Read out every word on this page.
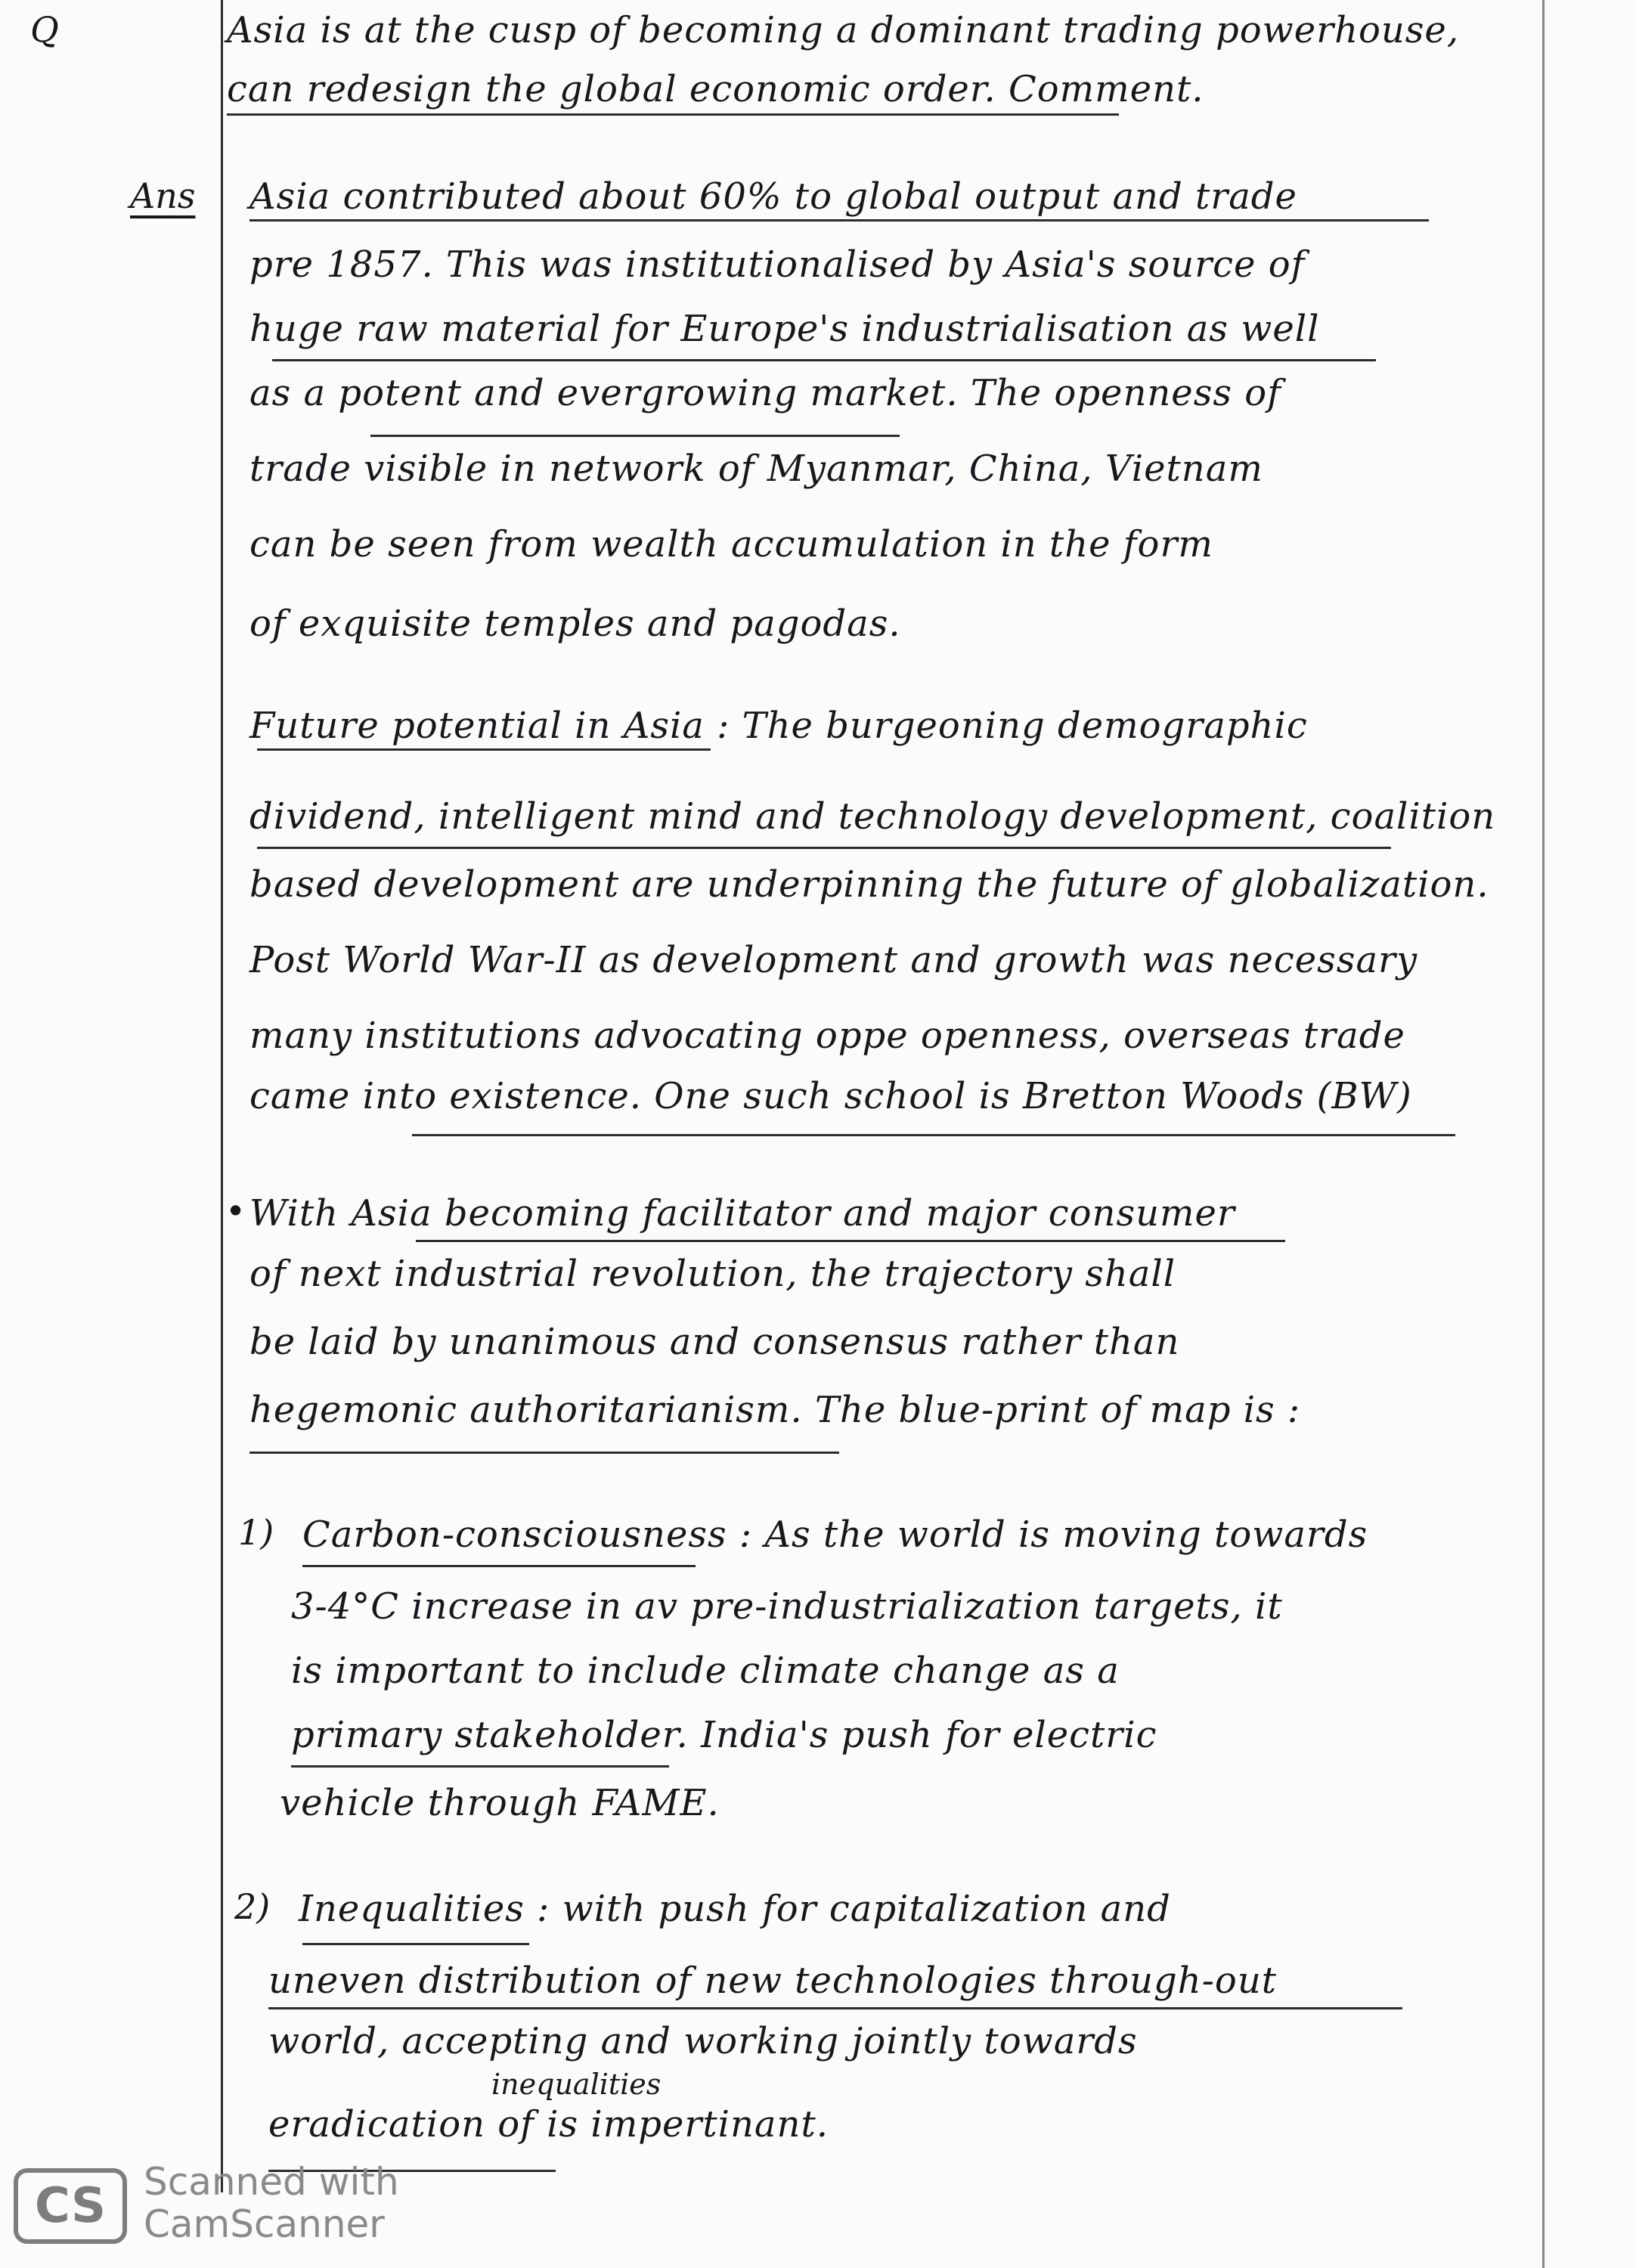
Q	Asia is at the cusp of becoming a dominant trading powerhouse,

can redesign the global economic order. Comment.

Ans Asia contributed about 60% to global output and trade

pre 1857. This was institutionalised by Asia's source of

huge raw material for Europe's industrialisation as well

as a potent and evergrowing market. The openness of

trade visible in network of Myanmar, China, Vietnam

can be seen from wealth accumulation in the form

of exquisite temples and pagodas.

Future potential in Asia : The burgeoning demographic

dividend, intelligent mind and technology development, coalition

based development are underpinning the future of globalization.

Post World War-II as development and growth was necessary

many institutions advocating oppe openness, overseas trade

came into existence. One such school is Bretton Woods (BW)

• With Asia becoming facilitator and major consumer

of next industrial revolution, the trajectory shall

be laid by unanimous and consensus rather than

hegemonic authoritarianism. The blue-print of map is :

1) Carbon-consciousness : As the world is moving towards

3-4°C increase in av pre-industrialization targets, it

is important to include climate change as a

primary stakeholder. India's push for electric

vehicle through FAME.

2) Inequalities : with push for capitalization and

uneven distribution of new technologies through-out

world, accepting and working jointly towards

inequalities

eradication of is impertinant.

CS Scanned with
CamScanner
